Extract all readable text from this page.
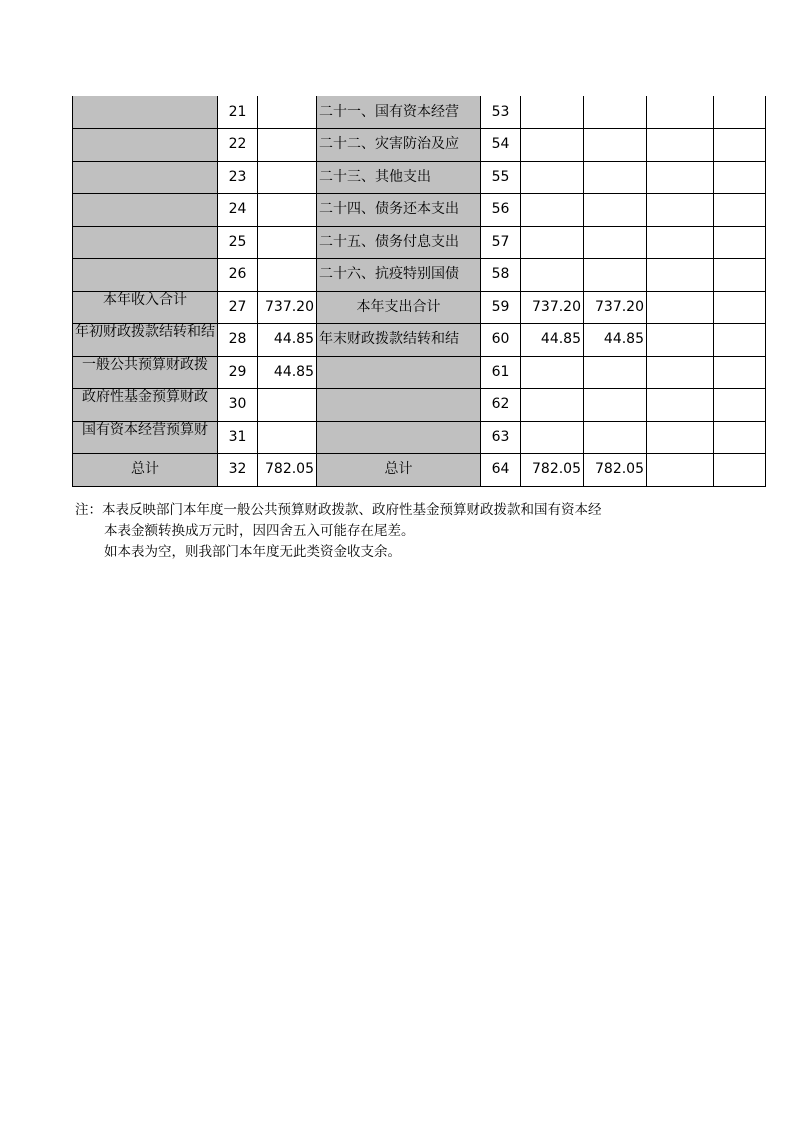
	21		二十一、国有资本经营	53				
	22		二十二、灾害防治及应	54				
	23		二十三、其他支出	55				
	24		二十四、债务还本支出	56				
	25		二十五、债务付息支出	57				
	26		二十六、抗疫特别国债	58				

本年收入合计	27	737.20	本年支出合计	59	737.20	737.20		

年初财政拨款结转和结	28	44.85	年末财政拨款结转和结	60	44.85	44.85		

一般公共预算财政拨	29	44.85		61				

政府性基金预算财政	30			62				

国有资本经营预算财	31			63				
总计	32	782.05	总计	64	782.05	782.05		
注：本表反映部门本年度一般公共预算财政拨款、政府性基金预算财政拨款和国有资本经
本表金额转换成万元时，因四舍五入可能存在尾差。
如本表为空，则我部门本年度无此类资金收支余。
